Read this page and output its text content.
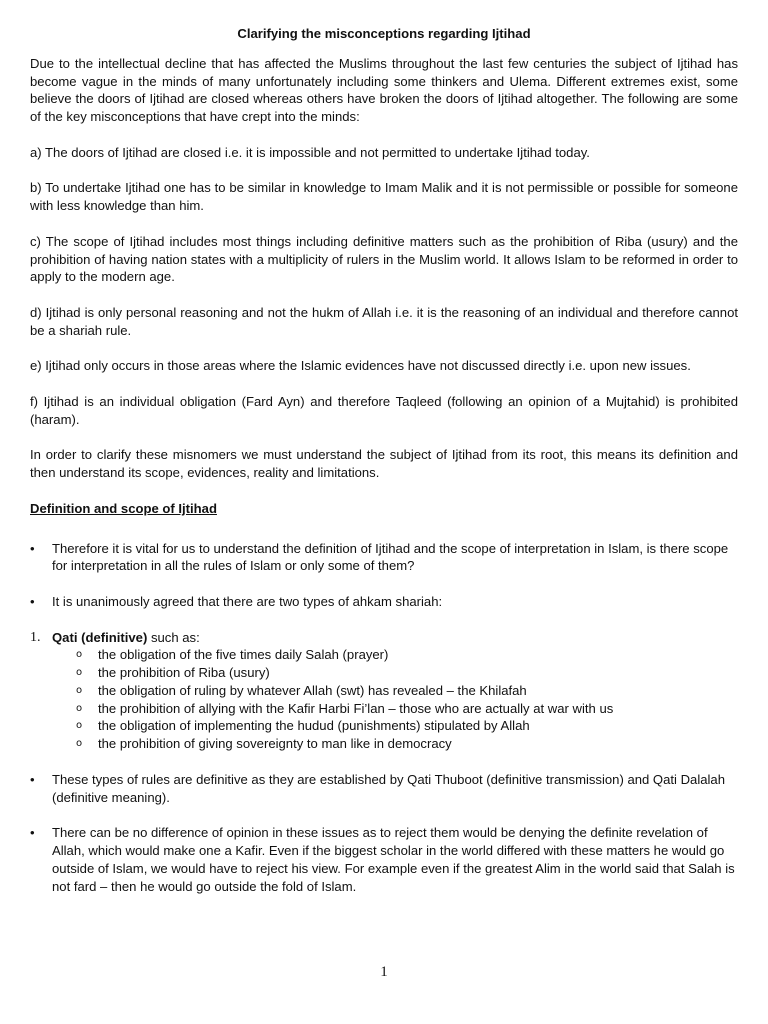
Clarifying the misconceptions regarding Ijtihad

Due to the intellectual decline that has affected the Muslims throughout the last few centuries the subject of Ijtihad has become vague in the minds of many unfortunately including some thinkers and Ulema. Different extremes exist, some believe the doors of Ijtihad are closed whereas others have broken the doors of Ijtihad altogether. The following are some of the key misconceptions that have crept into the minds:

a) The doors of Ijtihad are closed i.e. it is impossible and not permitted to undertake Ijtihad today.

b) To undertake Ijtihad one has to be similar in knowledge to Imam Malik and it is not permissible or possible for someone with less knowledge than him.

c) The scope of Ijtihad includes most things including definitive matters such as the prohibition of Riba (usury) and the prohibition of having nation states with a multiplicity of rulers in the Muslim world. It allows Islam to be reformed in order to apply to the modern age.

d) Ijtihad is only personal reasoning and not the hukm of Allah i.e. it is the reasoning of an individual and therefore cannot be a shariah rule.

e) Ijtihad only occurs in those areas where the Islamic evidences have not discussed directly i.e. upon new issues.

f) Ijtihad is an individual obligation (Fard Ayn) and therefore Taqleed (following an opinion of a Mujtahid) is prohibited (haram).

In order to clarify these misnomers we must understand the subject of Ijtihad from its root, this means its definition and then understand its scope, evidences, reality and limitations.

Definition and scope of Ijtihad
•	Therefore it is vital for us to understand the definition of Ijtihad and the scope of interpretation in Islam, is there scope for interpretation in all the rules of Islam or only some of them?
•	It is unanimously agreed that there are two types of ahkam shariah:
1. Qati (definitive) such as:
o the obligation of the five times daily Salah (prayer)
o the prohibition of Riba (usury)
o the obligation of ruling by whatever Allah (swt) has revealed – the Khilafah
o the prohibition of allying with the Kafir Harbi Fi’lan – those who are actually at war with us
o the obligation of implementing the hudud (punishments) stipulated by Allah
o the prohibition of giving sovereignty to man like in democracy
•	These types of rules are definitive as they are established by Qati Thuboot (definitive transmission) and Qati Dalalah (definitive meaning).
•	There can be no difference of opinion in these issues as to reject them would be denying the definite revelation of Allah, which would make one a Kafir. Even if the biggest scholar in the world differed with these matters he would go outside of Islam, we would have to reject his view. For example even if the greatest Alim in the world said that Salah is not fard – then he would go outside the fold of Islam.
1
